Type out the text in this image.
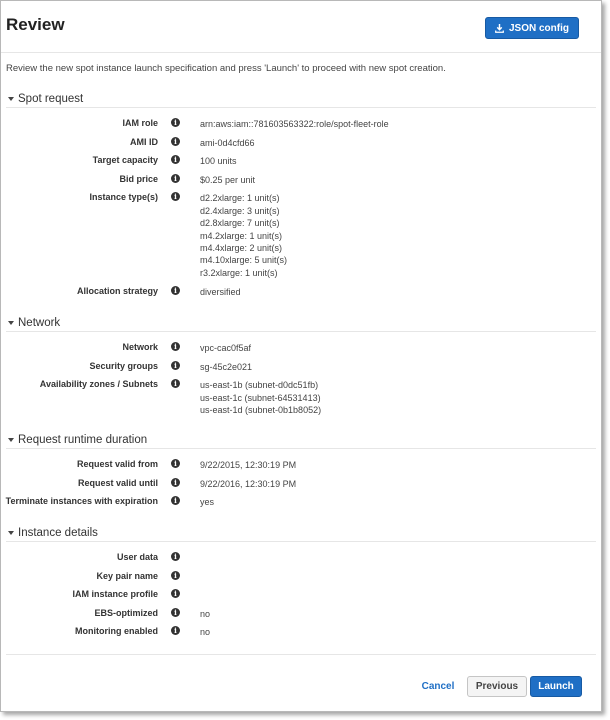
Review	JSON config
Review the new spot instance launch specification and press 'Launch' to proceed with new spot creation.
Spot request
IAM role	i	arn:aws:iam::781603563322:role/spot-fleet-role
AMI ID	i	ami-0d4cfd66
Target capacity	i	100 units
Bid price	i	$0.25 per unit
Instance type(s)	i	d2.2xlarge: 1 unit(s)
d2.4xlarge: 3 unit(s)
d2.8xlarge: 7 unit(s)
m4.2xlarge: 1 unit(s)
m4.4xlarge: 2 unit(s)
m4.10xlarge: 5 unit(s)
r3.2xlarge: 1 unit(s)
Allocation strategy	i	diversified
Network
Network	i	vpc-cac0f5af
Security groups	i	sg-45c2e021
Availability zones / Subnets	i	us-east-1b (subnet-d0dc51fb)
us-east-1c (subnet-64531413)
us-east-1d (subnet-0b1b8052)
Request runtime duration
Request valid from	i	9/22/2015, 12:30:19 PM
Request valid until	i	9/22/2016, 12:30:19 PM
Terminate instances with expiration	i	yes
Instance details
User data	i
Key pair name	i
IAM instance profile	i
EBS-optimized	i	no
Monitoring enabled	i	no
Cancel	Previous	Launch
